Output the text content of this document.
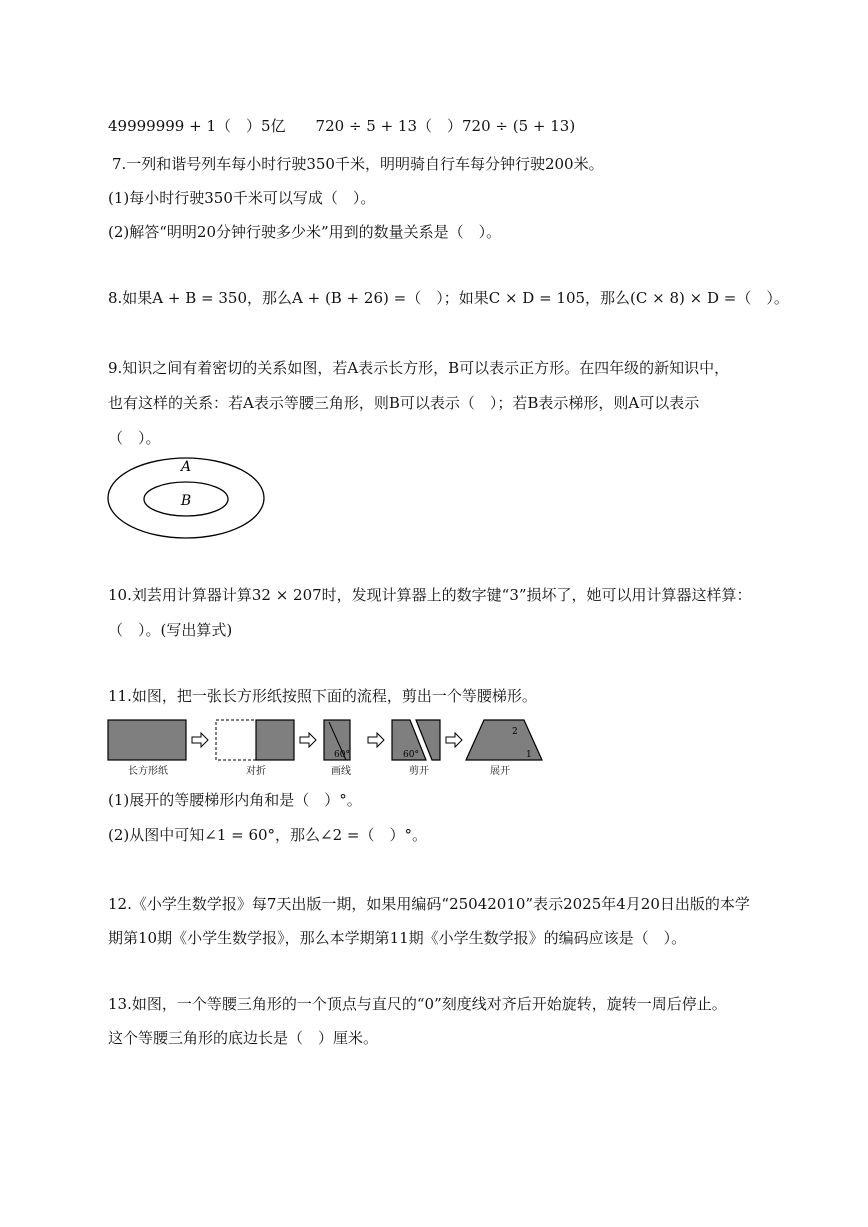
49999999 + 1（　）5亿　　720 ÷ 5 + 13（　）720 ÷ (5 + 13)
7.一列和谐号列车每小时行驶350千米，明明骑自行车每分钟行驶200米。
(1)每小时行驶350千米可以写成（　）。
(2)解答“明明20分钟行驶多少米”用到的数量关系是（　）。
8.如果A + B = 350，那么A + (B + 26) =（　）；如果C × D = 105，那么(C × 8) × D =（　）。
9.知识之间有着密切的关系如图，若A表示长方形，B可以表示正方形。在四年级的新知识中，
也有这样的关系：若A表示等腰三角形，则B可以表示（　）；若B表示梯形，则A可以表示
（　）。
A
B
10.刘芸用计算器计算32 × 207时，发现计算器上的数字键“3”损坏了，她可以用计算器这样算：
（　）。(写出算式)
11.如图，把一张长方形纸按照下面的流程，剪出一个等腰梯形。
60°	60°
2
1
长方形纸	对折	画线	剪开	展开
(1)展开的等腰梯形内角和是（　）°。
(2)从图中可知∠1 = 60°，那么∠2 =（　）°。
12.《小学生数学报》每7天出版一期，如果用编码“25042010”表示2025年4月20日出版的本学
期第10期《小学生数学报》，那么本学期第11期《小学生数学报》的编码应该是（　）。
13.如图，一个等腰三角形的一个顶点与直尺的“0”刻度线对齐后开始旋转，旋转一周后停止。
这个等腰三角形的底边长是（　）厘米。
